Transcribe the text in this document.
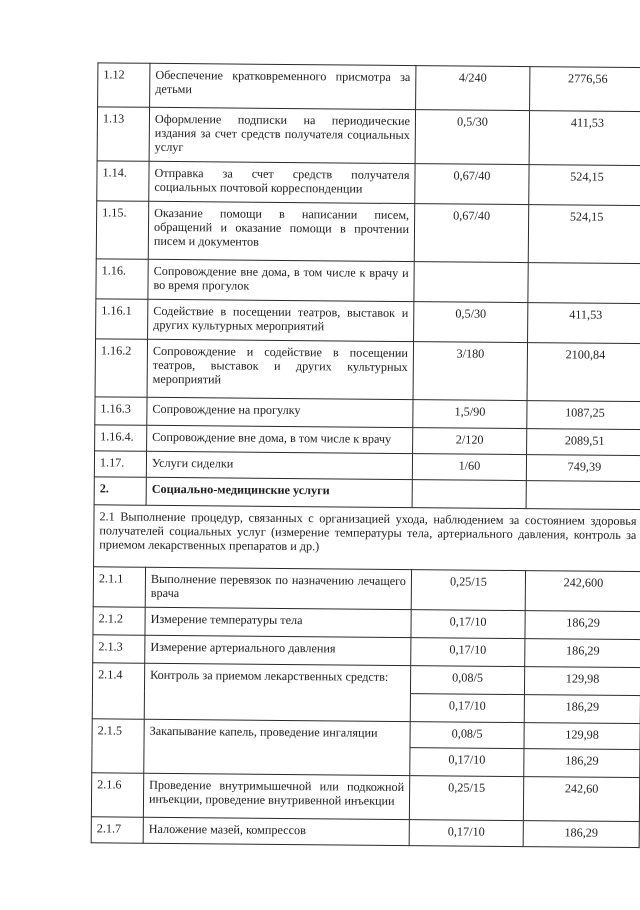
1.12	Обеспечение кратковременного присмотра за детьми	4/240	2776,56
1.13	Оформление подписки на периодические издания за счет средств получателя социальных услуг	0,5/30	411,53
1.14.	Отправка за счет средств получателя социальных почтовой корреспонденции	0,67/40	524,15
1.15.	Оказание помощи в написании писем, обращений и оказание помощи в прочтении писем и документов	0,67/40	524,15
1.16.	Сопровождение вне дома, в том числе к врачу и во время прогулок		
1.16.1	Содействие в посещении театров, выставок и других культурных мероприятий	0,5/30	411,53
1.16.2	Сопровождение и содействие в посещении театров, выставок и других культурных мероприятий	3/180	2100,84
1.16.3	Сопровождение на прогулку	1,5/90	1087,25
1.16.4.	Сопровождение вне дома, в том числе к врачу	2/120	2089,51
1.17.	Услуги сиделки	1/60	749,39
2.	Социально-медицинские услуги		
2.1 Выполнение процедур, связанных с организацией ухода, наблюдением за состоянием здоровья получателей социальных услуг (измерение температуры тела, артериального давления, контроль за приемом лекарственных препаратов и др.)			
2.1.1	Выполнение перевязок по назначению лечащего врача	0,25/15	242,600
2.1.2	Измерение температуры тела	0,17/10	186,29
2.1.3	Измерение артериального давления	0,17/10	186,29
2.1.4	Контроль за приемом лекарственных средств:	0,08/5	129,98
		0,17/10	186,29
2.1.5	Закапывание капель, проведение ингаляции	0,08/5	129,98
		0,17/10	186,29
2.1.6	Проведение внутримышечной или подкожной инъекции, проведение внутривенной инъекции	0,25/15	242,60
2.1.7	Наложение мазей, компрессов	0,17/10	186,29
